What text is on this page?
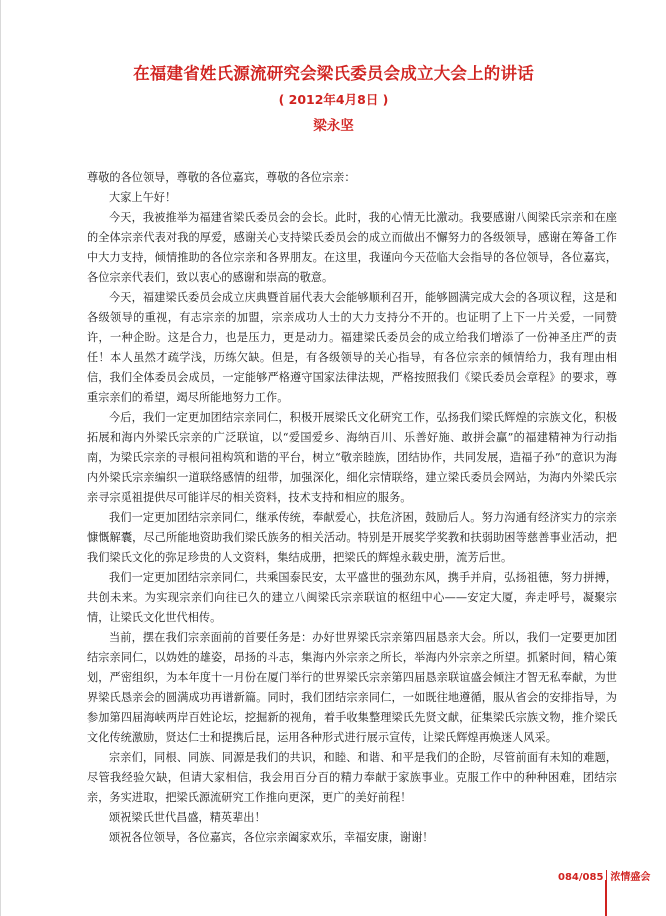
在福建省姓氏源流研究会梁氏委员会成立大会上的讲话
( 2012年4月8日 )
梁永坚

尊敬的各位领导，尊敬的各位嘉宾，尊敬的各位宗亲：

大家上午好！

今天，我被推举为福建省梁氏委员会的会长。此时，我的心情无比激动。我要感谢八闽梁氏宗亲和在座的全体宗亲代表对我的厚爱，感谢关心支持梁氏委员会的成立而做出不懈努力的各级领导，感谢在筹备工作中大力支持，倾情推助的各位宗亲和各界朋友。在这里，我谨向今天莅临大会指导的各位领导，各位嘉宾，各位宗亲代表们，致以衷心的感谢和崇高的敬意。

今天，福建梁氏委员会成立庆典暨首届代表大会能够顺利召开，能够圆满完成大会的各项议程，这是和各级领导的重视，有志宗亲的加盟，宗亲成功人士的大力支持分不开的。也证明了上下一片关爱，一同赞许，一种企盼。这是合力，也是压力，更是动力。福建梁氏委员会的成立给我们增添了一份神圣庄严的责任！本人虽然才疏学浅，历练欠缺。但是，有各级领导的关心指导，有各位宗亲的倾情给力，我有理由相信，我们全体委员会成员，一定能够严格遵守国家法律法规，严格按照我们《梁氏委员会章程》的要求，尊重宗亲们的希望，竭尽所能地努力工作。

今后，我们一定更加团结宗亲同仁，积极开展梁氏文化研究工作，弘扬我们梁氏辉煌的宗族文化，积极拓展和海内外梁氏宗亲的广泛联谊，以“爱国爱乡、海纳百川、乐善好施、敢拼会赢”的福建精神为行动指南，为梁氏宗亲的寻根问祖构筑和谐的平台，树立“敬亲睦族，团结协作，共同发展，造福子孙”的意识为海内外梁氏宗亲编织一道联络感情的纽带，加强深化，细化宗情联络，建立梁氏委员会网站，为海内外梁氏宗亲寻宗觅祖提供尽可能详尽的相关资料，技术支持和相应的服务。

我们一定更加团结宗亲同仁，继承传统，奉献爱心，扶危济困，鼓励后人。努力沟通有经济实力的宗亲慷慨解囊，尽己所能地资助我们梁氏族务的相关活动。特别是开展奖学奖教和扶弱助困等慈善事业活动，把我们梁氏文化的弥足珍贵的人文资料，集结成册，把梁氏的辉煌永载史册，流芳后世。

我们一定更加团结宗亲同仁，共乘国泰民安，太平盛世的强劲东风，携手并肩，弘扬祖德，努力拼搏，共创未来。为实现宗亲们向往已久的建立八闽梁氏宗亲联谊的枢纽中心——安定大厦，奔走呼号，凝聚宗情，让梁氏文化世代相传。

当前，摆在我们宗亲面前的首要任务是：办好世界梁氏宗亲第四届恳亲大会。所以，我们一定要更加团结宗亲同仁，以妫姓的雄姿，昂扬的斗志，集海内外宗亲之所长，举海内外宗亲之所望。抓紧时间，精心策划，严密组织，为本年度十一月份在厦门举行的世界梁氏宗亲第四届恳亲联谊盛会倾注才智无私奉献，为世界梁氏恳亲会的圆满成功再谱新篇。同时，我们团结宗亲同仁，一如既往地遵循，服从省会的安排指导，为参加第四届海峡两岸百姓论坛，挖掘新的视角，着手收集整理梁氏先贤文献，征集梁氏宗族文物，推介梁氏文化传统激励，贤达仁士和提携后昆，运用各种形式进行展示宣传，让梁氏辉煌再焕迷人风采。

宗亲们，同根、同族、同源是我们的共识，和睦、和谐、和平是我们的企盼，尽管前面有未知的难题，尽管我经验欠缺，但请大家相信，我会用百分百的精力奉献于家族事业。克服工作中的种种困难，团结宗亲，务实进取，把梁氏源流研究工作推向更深，更广的美好前程！

颂祝梁氏世代昌盛，精英辈出！

颂祝各位领导，各位嘉宾，各位宗亲阖家欢乐，幸福安康，谢谢！

084/085 浓情盛会
